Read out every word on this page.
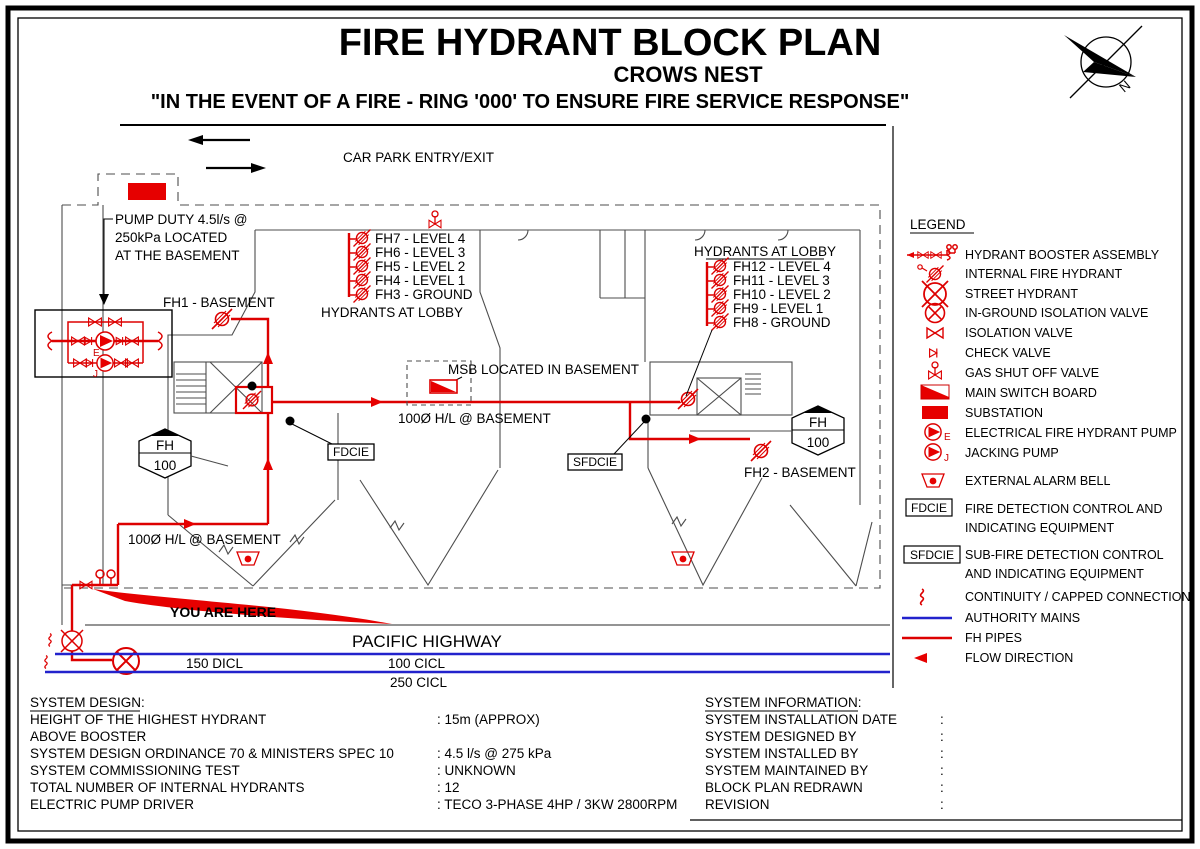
FIRE HYDRANT BLOCK PLAN
CROWS NEST
"IN THE EVENT OF A FIRE - RING '000' TO ENSURE FIRE SERVICE RESPONSE"
N
CAR PARK ENTRY/EXIT
PUMP DUTY 4.5l/s @
250kPa LOCATED
AT THE BASEMENT
E
J
FH1 - BASEMENT
FH2 - BASEMENT
FH7 - LEVEL 4
FH6 - LEVEL 3
FH5 - LEVEL 2
FH4 - LEVEL 1
FH3 - GROUND
HYDRANTS AT LOBBY
HYDRANTS AT LOBBY
FH12 - LEVEL 4
FH11 - LEVEL 3
FH10 - LEVEL 2
FH9 - LEVEL 1
FH8 - GROUND
MSB LOCATED IN BASEMENT
100Ø H/L @ BASEMENT
100Ø H/L @ BASEMENT
FDCIE
SFDCIE
FH
100
FH
100
YOU ARE HERE
PACIFIC HIGHWAY
150 DICL	100 CICL
250 CICL
LEGEND
HYDRANT BOOSTER ASSEMBLY
INTERNAL FIRE HYDRANT
STREET HYDRANT
IN-GROUND ISOLATION VALVE
ISOLATION VALVE
CHECK VALVE
GAS SHUT OFF VALVE
MAIN SWITCH BOARD
SUBSTATION
E ELECTRICAL FIRE HYDRANT PUMP
J JACKING PUMP
EXTERNAL ALARM BELL
FDCIE FIRE DETECTION CONTROL AND
INDICATING EQUIPMENT
SFDCIE SUB-FIRE DETECTION CONTROL
AND INDICATING EQUIPMENT
CONTINUITY / CAPPED CONNECTION
AUTHORITY MAINS
FH PIPES
FLOW DIRECTION
SYSTEM DESIGN:
HEIGHT OF THE HIGHEST HYDRANT	: 15m (APPROX)
ABOVE BOOSTER
SYSTEM DESIGN ORDINANCE 70 & MINISTERS SPEC 10	: 4.5 l/s @ 275 kPa
SYSTEM COMMISSIONING TEST	: UNKNOWN
TOTAL NUMBER OF INTERNAL HYDRANTS	: 12
ELECTRIC PUMP DRIVER	: TECO 3-PHASE 4HP / 3KW 2800RPM
SYSTEM INFORMATION:
SYSTEM INSTALLATION DATE	:
SYSTEM DESIGNED BY	:
SYSTEM INSTALLED BY	:
SYSTEM MAINTAINED BY	:
BLOCK PLAN REDRAWN	:
REVISION	:
